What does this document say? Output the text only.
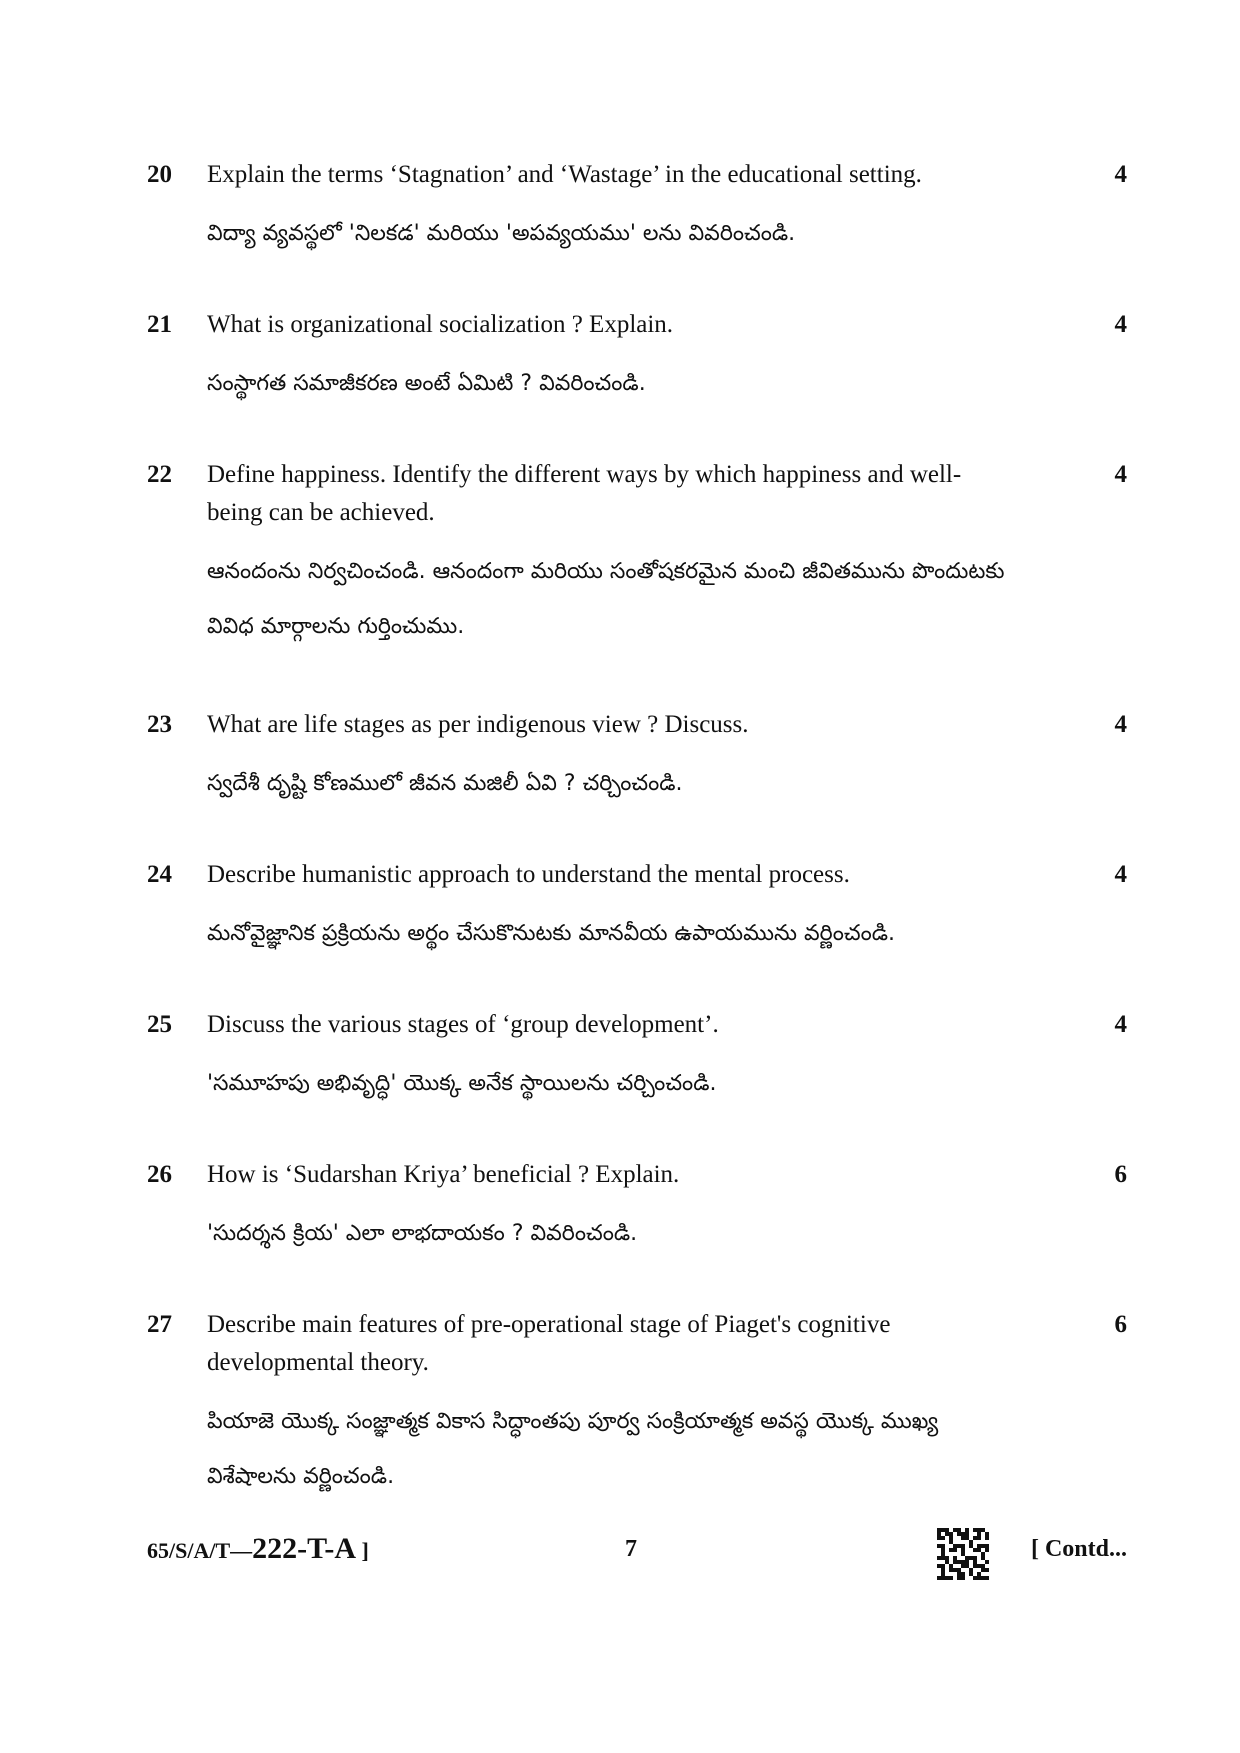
20 Explain the terms ‘Stagnation’ and ‘Wastage’ in the educational setting.

విద్యా వ్యవస్థలో 'నిలకడ' మరియు 'అపవ్యయము' లను వివరించండి.

4
21 What is organizational socialization ? Explain.

సంస్థాగత సమాజీకరణ అంటే ఏమిటి ? వివరించండి.

4
22 Define happiness. Identify the different ways by which happiness and well-being can be achieved.

ఆనందంను నిర్వచించండి. ఆనందంగా మరియు సంతోషకరమైన మంచి జీవితమును పొందుటకు వివిధ మార్గాలను గుర్తించుము.

4
23 What are life stages as per indigenous view ? Discuss.

స్వదేశీ దృష్టి కోణములో జీవన మజిలీ ఏవి ? చర్చించండి.

4
24 Describe humanistic approach to understand the mental process.

మనోవైజ్ఞానిక ప్రక్రియను అర్థం చేసుకొనుటకు మానవీయ ఉపాయమును వర్ణించండి.

4
25 Discuss the various stages of ‘group development’.

'సమూహపు అభివృద్ధి' యొక్క అనేక స్థాయిలను చర్చించండి.

4
26 How is ‘Sudarshan Kriya’ beneficial ? Explain.

'సుదర్శన క్రియ' ఎలా లాభదాయకం ? వివరించండి.

6
27 Describe main features of pre-operational stage of Piaget's cognitive developmental theory.

పియాజె యొక్క సంజ్ఞాత్మక వికాస సిద్ధాంతపు పూర్వ సంక్రియాత్మక అవస్థ యొక్క ముఖ్య విశేషాలను వర్ణించండి.

6
65/S/A/T—222-T-A ]	7	[ Contd...
